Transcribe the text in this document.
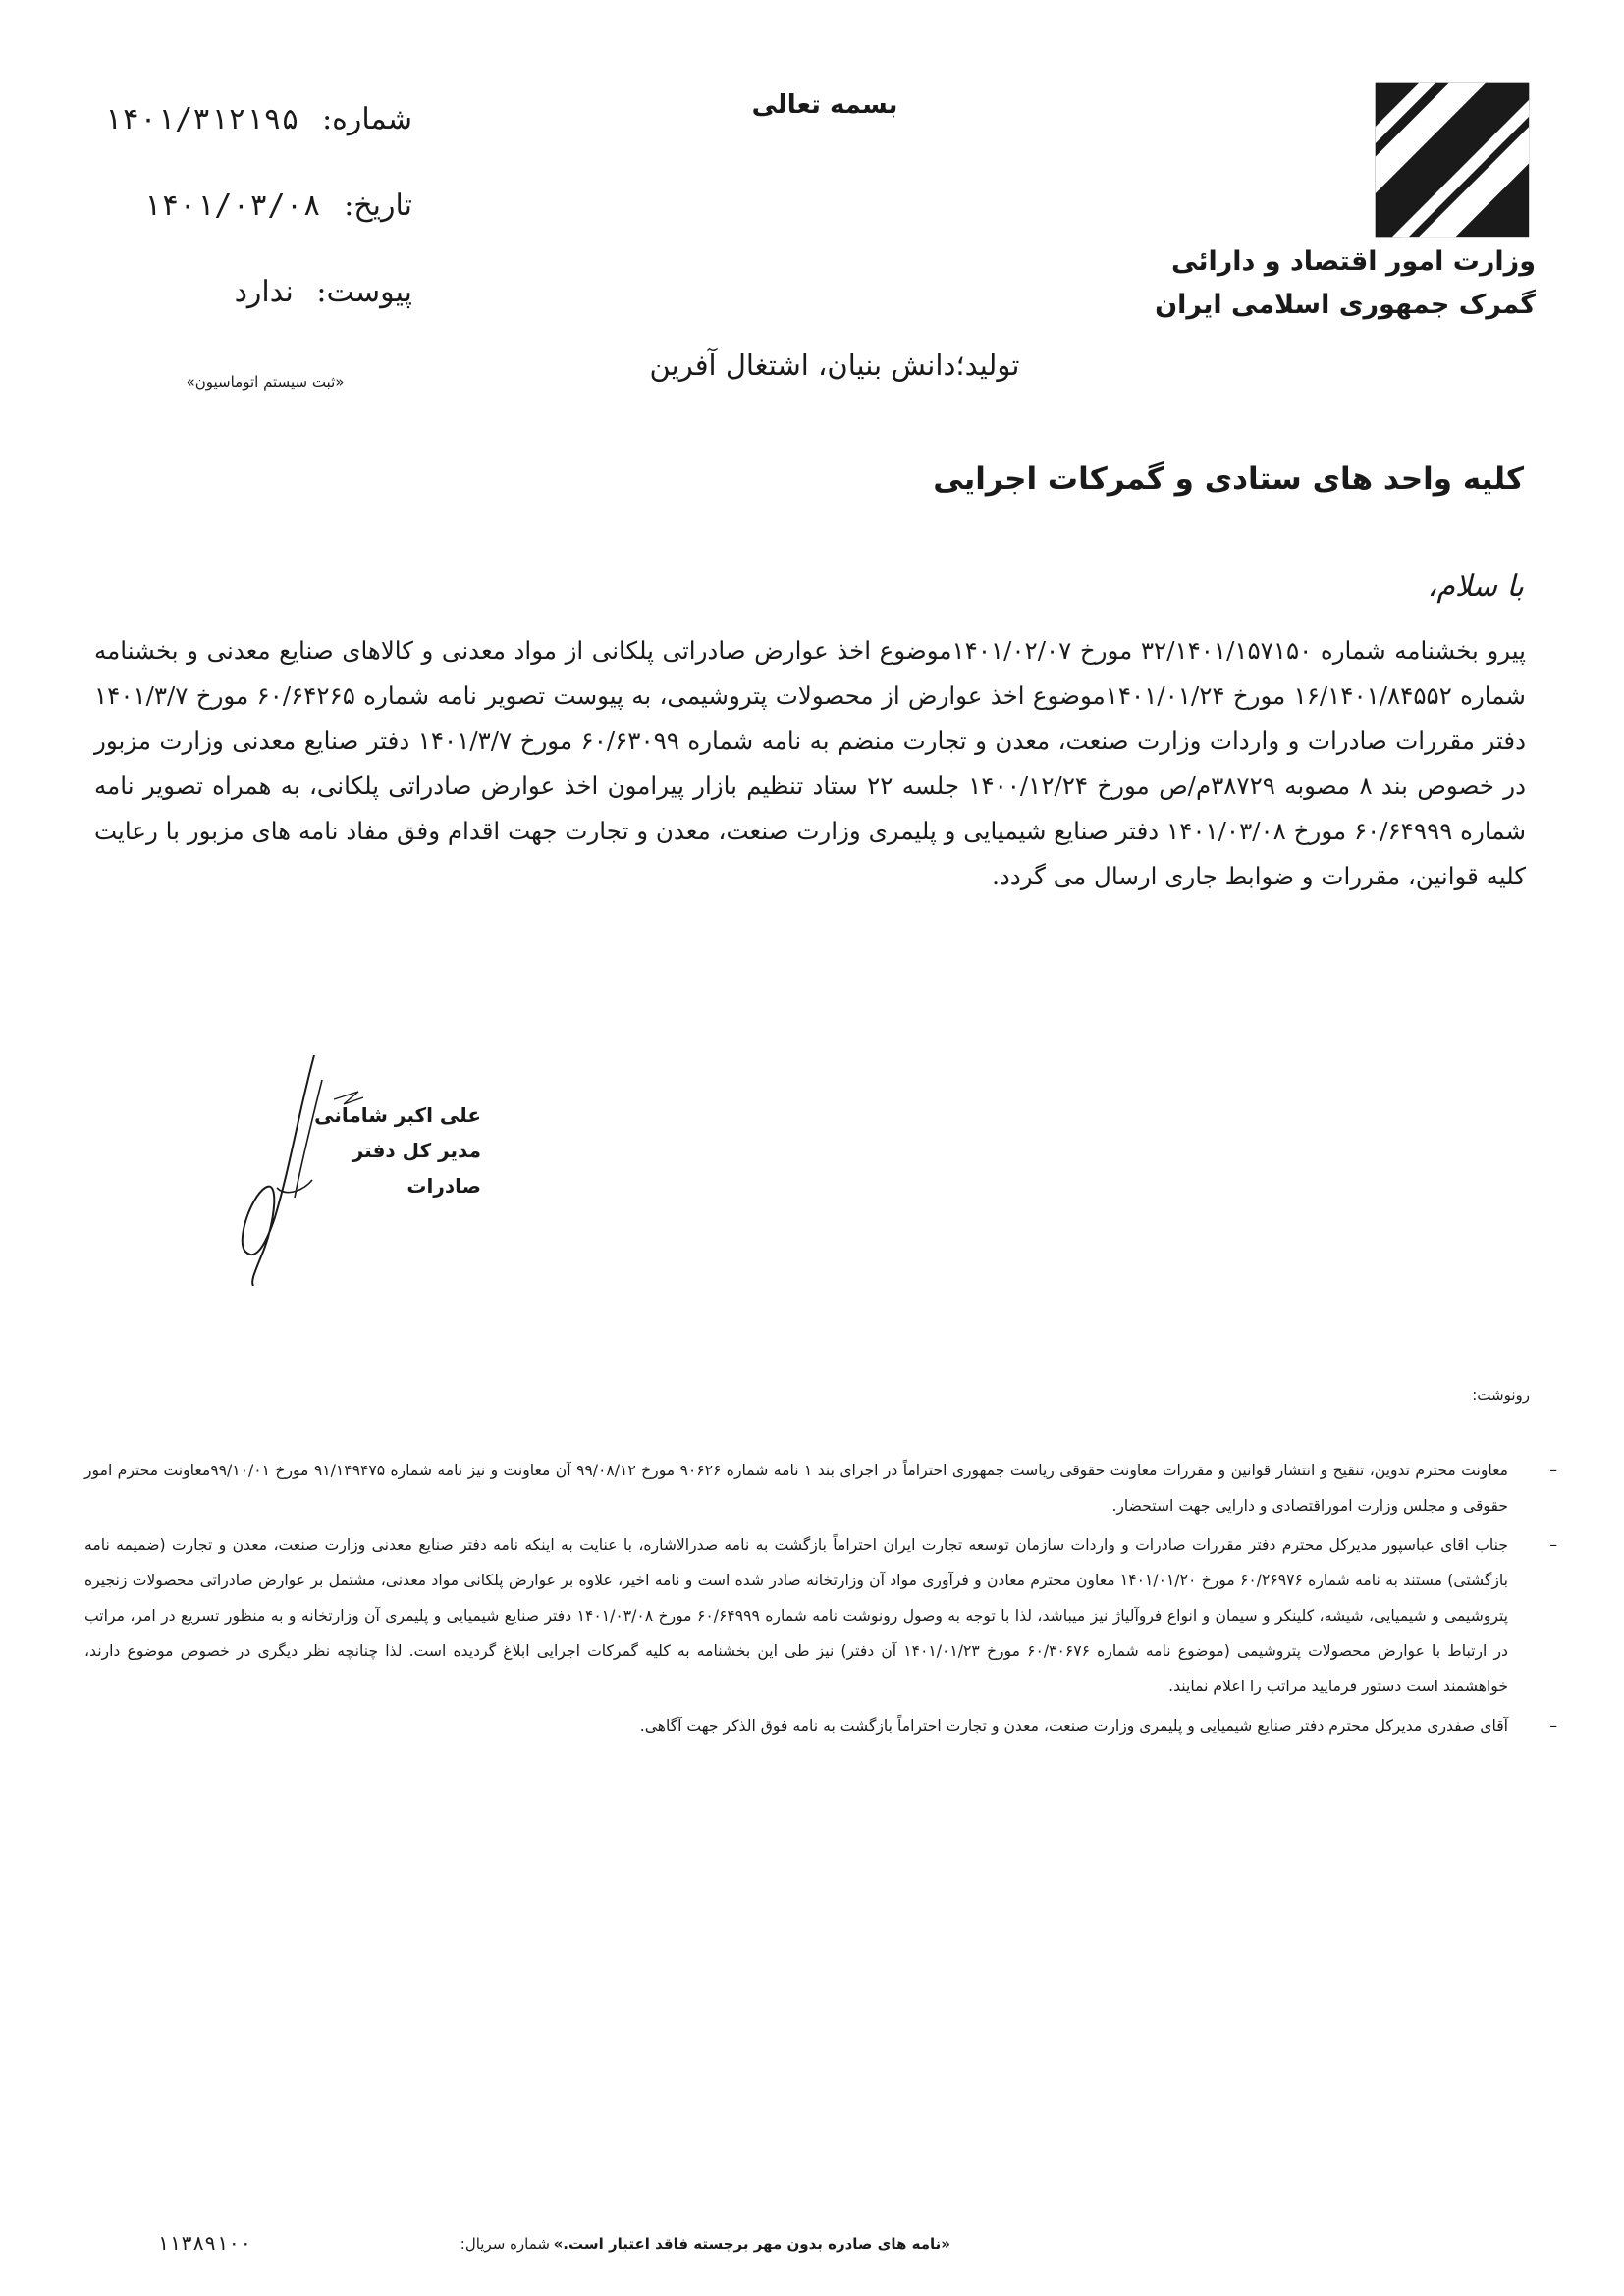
وزارت امور اقتصاد و دارائی
گمرک جمهوری اسلامی ایران
بسمه تعالی
تولید؛دانش بنیان، اشتغال آفرین
شماره: ۱۴۰۱/۳۱۲۱۹۵
تاریخ: ۱۴۰۱/۰۳/۰۸
پیوست: ندارد
«ثبت سیستم اتوماسیون»
کلیه واحد های ستادی و گمرکات اجرایی
با سلام،
پیرو بخشنامه شماره ۳۲/۱۴۰۱/۱۵۷۱۵۰ مورخ ۱۴۰۱/۰۲/۰۷موضوع اخذ عوارض صادراتی پلکانی از مواد معدنی و کالاهای صنایع معدنی و بخشنامه شماره ۱۶/۱۴۰۱/۸۴۵۵۲ مورخ ۱۴۰۱/۰۱/۲۴موضوع اخذ عوارض از محصولات پتروشیمی، به پیوست تصویر نامه شماره ۶۰/۶۴۲۶۵ مورخ ۱۴۰۱/۳/۷ دفتر مقررات صادرات و واردات وزارت صنعت، معدن و تجارت منضم به نامه شماره ۶۰/۶۳۰۹۹ مورخ ۱۴۰۱/۳/۷ دفتر صنایع معدنی وزارت مزبور در خصوص بند ۸ مصوبه ۳۸۷۲۹م/ص مورخ ۱۴۰۰/۱۲/۲۴ جلسه ۲۲ ستاد تنظیم بازار پیرامون اخذ عوارض صادراتی پلکانی، به همراه تصویر نامه شماره ۶۰/۶۴۹۹۹ مورخ ۱۴۰۱/۰۳/۰۸ دفتر صنایع شیمیایی و پلیمری وزارت صنعت، معدن و تجارت جهت اقدام وفق مفاد نامه های مزبور با رعایت کلیه قوانین، مقررات و ضوابط جاری ارسال می گردد.
علی اکبر شامانی
مدیر کل دفتر صادرات
رونوشت:
–
معاونت محترم تدوین، تنقیح و انتشار قوانین و مقررات معاونت حقوقی ریاست جمهوری احتراماً در اجرای بند ۱ نامه شماره ۹۰۶۲۶ مورخ ۹۹/۰۸/۱۲ آن معاونت و نیز نامه شماره ۹۱/۱۴۹۴۷۵ مورخ ۹۹/۱۰/۰۱معاونت محترم امور حقوقی و مجلس وزارت اموراقتصادی و دارایی جهت استحضار.
–
جناب اقای عباسپور مدیرکل محترم دفتر مقررات صادرات و واردات سازمان توسعه تجارت ایران احتراماً بازگشت به نامه صدرالاشاره، با عنایت به اینکه نامه دفتر صنایع معدنی وزارت صنعت، معدن و تجارت (ضمیمه نامه بازگشتی) مستند به نامه شماره ۶۰/۲۶۹۷۶ مورخ ۱۴۰۱/۰۱/۲۰ معاون محترم معادن و فرآوری مواد آن وزارتخانه صادر شده است و نامه اخیر، علاوه بر عوارض پلکانی مواد معدنی، مشتمل بر عوارض صادراتی محصولات زنجیره پتروشیمی و شیمیایی، شیشه، کلینکر و سیمان و انواع فروآلیاژ نیز میباشد، لذا با توجه به وصول رونوشت نامه شماره ۶۰/۶۴۹۹۹ مورخ ۱۴۰۱/۰۳/۰۸ دفتر صنایع شیمیایی و پلیمری آن وزارتخانه و به منظور تسریع در امر، مراتب در ارتباط با عوارض محصولات پتروشیمی (موضوع نامه شماره ۶۰/۳۰۶۷۶ مورخ ۱۴۰۱/۰۱/۲۳ آن دفتر) نیز طی این بخشنامه به کلیه گمرکات اجرایی ابلاغ گردیده است. لذا چنانچه نظر دیگری در خصوص موضوع دارند، خواهشمند است دستور فرمایید مراتب را اعلام نمایند.
–
آقای صفدری مدیرکل محترم دفتر صنایع شیمیایی و پلیمری وزارت صنعت، معدن و تجارت احتراماً بازگشت به نامه فوق الذکر جهت آگاهی.
«نامه های صادره بدون مهر برجسته فاقد اعتبار است.»
شماره سریال:
۱۱۳۸۹۱۰۰
